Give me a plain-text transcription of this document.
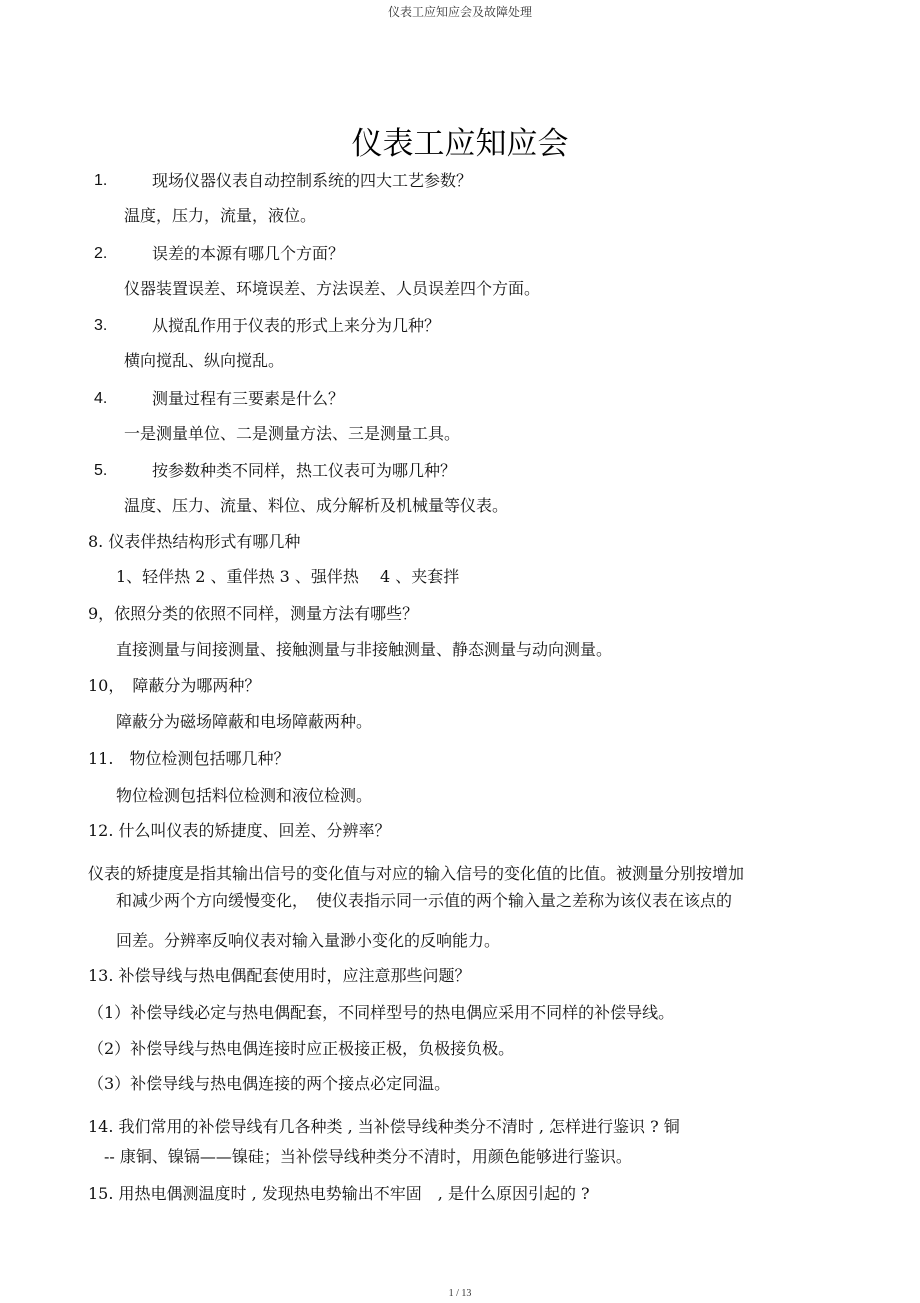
仪表工应知应会及故障处理
仪表工应知应会
1.	现场仪器仪表自动控制系统的四大工艺参数？
温度，压力，流量，液位。
2.	误差的本源有哪几个方面？
仪器装置误差、环境误差、方法误差、人员误差四个方面。
3.	从搅乱作用于仪表的形式上来分为几种？
横向搅乱、纵向搅乱。
4.	测量过程有三要素是什么？
一是测量单位、二是测量方法、三是测量工具。
5.	按参数种类不同样，热工仪表可为哪几种？
温度、压力、流量、料位、成分解析及机械量等仪表。
8. 仪表伴热结构形式有哪几种
1、轻伴热 2 、重伴热 3 、强伴热　 4 、夹套拌
9，依照分类的依照不同样，测量方法有哪些？
直接测量与间接测量、接触测量与非接触测量、静态测量与动向测量。
10，　障蔽分为哪两种？
障蔽分为磁场障蔽和电场障蔽两种。
11.　物位检测包括哪几种？
物位检测包括料位检测和液位检测。
12. 什么叫仪表的矫捷度、回差、分辨率？
仪表的矫捷度是指其输出信号的变化值与对应的输入信号的变化值的比值。被测量分别按增加
和减少两个方向缓慢变化，　使仪表指示同一示值的两个输入量之差称为该仪表在该点的
回差。分辨率反响仪表对输入量渺小变化的反响能力。
13. 补偿导线与热电偶配套使用时，应注意那些问题？
（1）补偿导线必定与热电偶配套，不同样型号的热电偶应采用不同样的补偿导线。
（2）补偿导线与热电偶连接时应正极接正极，负极接负极。
（3）补偿导线与热电偶连接的两个接点必定同温。
14. 我们常用的补偿导线有几各种类 , 当补偿导线种类分不清时 , 怎样进行鉴识 ? 铜
-- 康铜、镍镉——镍硅；当补偿导线种类分不清时，用颜色能够进行鉴识。
15. 用热电偶测温度时 , 发现热电势输出不牢固　, 是什么原因引起的 ?
1 / 13
